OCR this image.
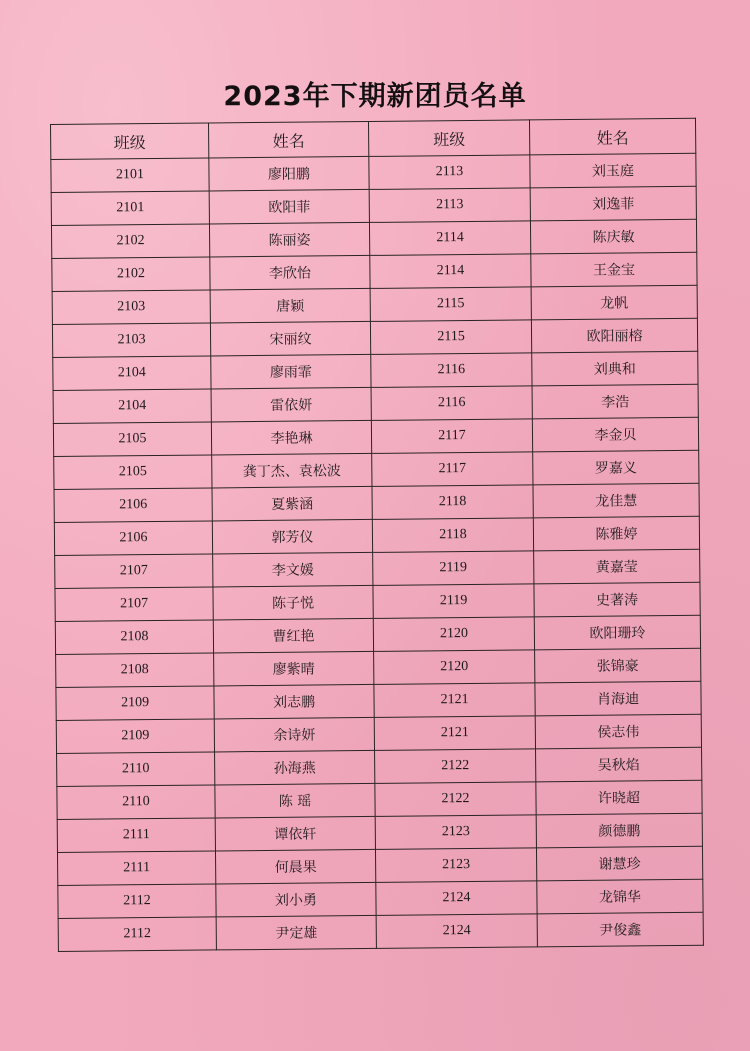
2023年下期新团员名单
班级	姓名	班级	姓名
2101	廖阳鹏	2113	刘玉庭
2101	欧阳菲	2113	刘逸菲
2102	陈丽姿	2114	陈庆敏
2102	李欣怡	2114	王金宝
2103	唐颖	2115	龙帆
2103	宋丽纹	2115	欧阳丽榕
2104	廖雨霏	2116	刘典和
2104	雷依妍	2116	李浩
2105	李艳琳	2117	李金贝
2105	龚丁杰、袁松波	2117	罗嘉义
2106	夏紫涵	2118	龙佳慧
2106	郭芳仪	2118	陈雅婷
2107	李文媛	2119	黄嘉莹
2107	陈子悦	2119	史著涛
2108	曹红艳	2120	欧阳珊玲
2108	廖紫晴	2120	张锦豪
2109	刘志鹏	2121	肖海迪
2109	余诗妍	2121	侯志伟
2110	孙海燕	2122	吴秋焰
2110	陈 瑶	2122	许晓超
2111	谭依轩	2123	颜德鹏
2111	何晨果	2123	谢慧珍
2112	刘小勇	2124	龙锦华
2112	尹定雄	2124	尹俊鑫
